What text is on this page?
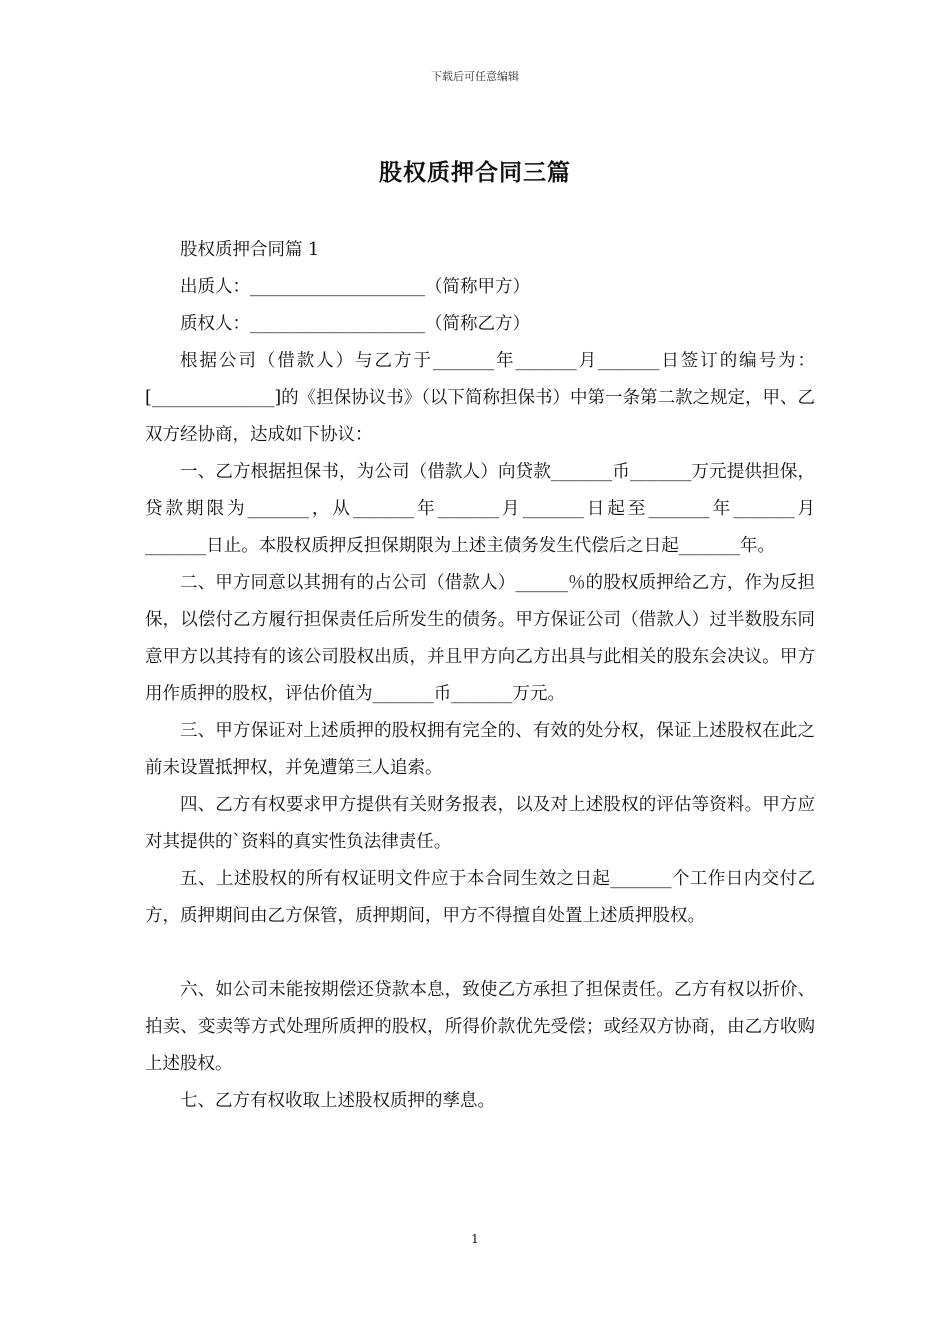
下载后可任意编辑
股权质押合同三篇

股权质押合同篇 1

出质人：____________________（简称甲方）

质权人：____________________（简称乙方）

根据公司（借款人）与乙方于_______年_______月_______日签订的编号为：[______________]的《担保协议书》（以下简称担保书）中第一条第二款之规定，甲、乙双方经协商，达成如下协议：

一、乙方根据担保书，为公司（借款人）向贷款_______币_______万元提供担保，贷款期限为_______，从_______年_______月_______日起至_______年_______月_______日止。本股权质押反担保期限为上述主债务发生代偿后之日起_______年。

二、甲方同意以其拥有的占公司（借款人）______％的股权质押给乙方，作为反担保，以偿付乙方履行担保责任后所发生的债务。甲方保证公司（借款人）过半数股东同意甲方以其持有的该公司股权出质，并且甲方向乙方出具与此相关的股东会决议。甲方用作质押的股权，评估价值为_______币_______万元。

三、甲方保证对上述质押的股权拥有完全的、有效的处分权，保证上述股权在此之前未设置抵押权，并免遭第三人追索。

四、乙方有权要求甲方提供有关财务报表，以及对上述股权的评估等资料。甲方应对其提供的`资料的真实性负法律责任。

五、上述股权的所有权证明文件应于本合同生效之日起_______个工作日内交付乙方，质押期间由乙方保管，质押期间，甲方不得擅自处置上述质押股权。

六、如公司未能按期偿还贷款本息，致使乙方承担了担保责任。乙方有权以折价、拍卖、变卖等方式处理所质押的股权，所得价款优先受偿；或经双方协商，由乙方收购上述股权。

七、乙方有权收取上述股权质押的孳息。

1
